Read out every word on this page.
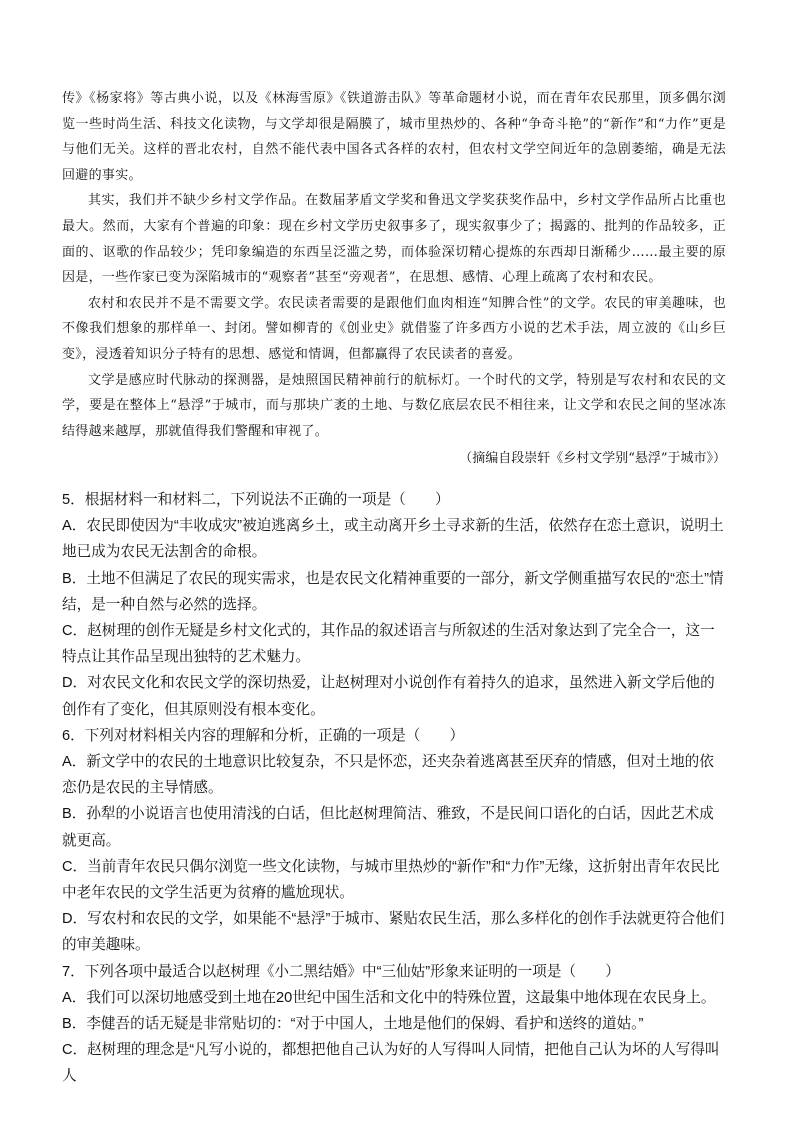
传》《杨家将》等古典小说，以及《林海雪原》《铁道游击队》等革命题材小说，而在青年农民那里，顶多偶尔浏览一些时尚生活、科技文化读物，与文学却很是隔膜了，城市里热炒的、各种“争奇斗艳”的“新作”和“力作”更是与他们无关。这样的晋北农村，自然不能代表中国各式各样的农村，但农村文学空间近年的急剧萎缩，确是无法回避的事实。

其实，我们并不缺少乡村文学作品。在数届茅盾文学奖和鲁迅文学奖获奖作品中，乡村文学作品所占比重也最大。然而，大家有个普遍的印象：现在乡村文学历史叙事多了，现实叙事少了；揭露的、批判的作品较多，正面的、讴歌的作品较少；凭印象编造的东西呈泛滥之势，而体验深切精心提炼的东西却日渐稀少……最主要的原因是，一些作家已变为深陷城市的“观察者”甚至“旁观者”，在思想、感情、心理上疏离了农村和农民。

农村和农民并不是不需要文学。农民读者需要的是跟他们血肉相连“知脾合性”的文学。农民的审美趣味，也不像我们想象的那样单一、封闭。譬如柳青的《创业史》就借鉴了许多西方小说的艺术手法，周立波的《山乡巨变》，浸透着知识分子特有的思想、感觉和情调，但都赢得了农民读者的喜爱。

文学是感应时代脉动的探测器，是烛照国民精神前行的航标灯。一个时代的文学，特别是写农村和农民的文学，要是在整体上“悬浮”于城市，而与那块广袤的土地、与数亿底层农民不相往来，让文学和农民之间的坚冰冻结得越来越厚，那就值得我们警醒和审视了。

（摘编自段崇轩《乡村文学别“悬浮”于城市》）

5．根据材料一和材料二，下列说法不正确的一项是（　　）

A．农民即使因为“丰收成灾”被迫逃离乡土，或主动离开乡土寻求新的生活，依然存在恋土意识，说明土地已成为农民无法割舍的命根。

B．土地不但满足了农民的现实需求，也是农民文化精神重要的一部分，新文学侧重描写农民的“恋土”情结，是一种自然与必然的选择。

C．赵树理的创作无疑是乡村文化式的，其作品的叙述语言与所叙述的生活对象达到了完全合一，这一特点让其作品呈现出独特的艺术魅力。

D．对农民文化和农民文学的深切热爱，让赵树理对小说创作有着持久的追求，虽然进入新文学后他的创作有了变化，但其原则没有根本变化。

6．下列对材料相关内容的理解和分析，正确的一项是（　　）

A．新文学中的农民的土地意识比较复杂，不只是怀恋，还夹杂着逃离甚至厌弃的情感，但对土地的依恋仍是农民的主导情感。

B．孙犁的小说语言也使用清浅的白话，但比赵树理简洁、雅致，不是民间口语化的白话，因此艺术成就更高。

C．当前青年农民只偶尔浏览一些文化读物，与城市里热炒的“新作”和“力作”无缘，这折射出青年农民比中老年农民的文学生活更为贫瘠的尴尬现状。

D．写农村和农民的文学，如果能不“悬浮”于城市、紧贴农民生活，那么多样化的创作手法就更符合他们的审美趣味。

7．下列各项中最适合以赵树理《小二黑结婚》中“三仙姑”形象来证明的一项是（　　）

A．我们可以深切地感受到土地在20世纪中国生活和文化中的特殊位置，这最集中地体现在农民身上。

B．李健吾的话无疑是非常贴切的：“对于中国人，土地是他们的保姆、看护和送终的道姑。”

C．赵树理的理念是“凡写小说的，都想把他自己认为好的人写得叫人同情，把他自己认为坏的人写得叫人
